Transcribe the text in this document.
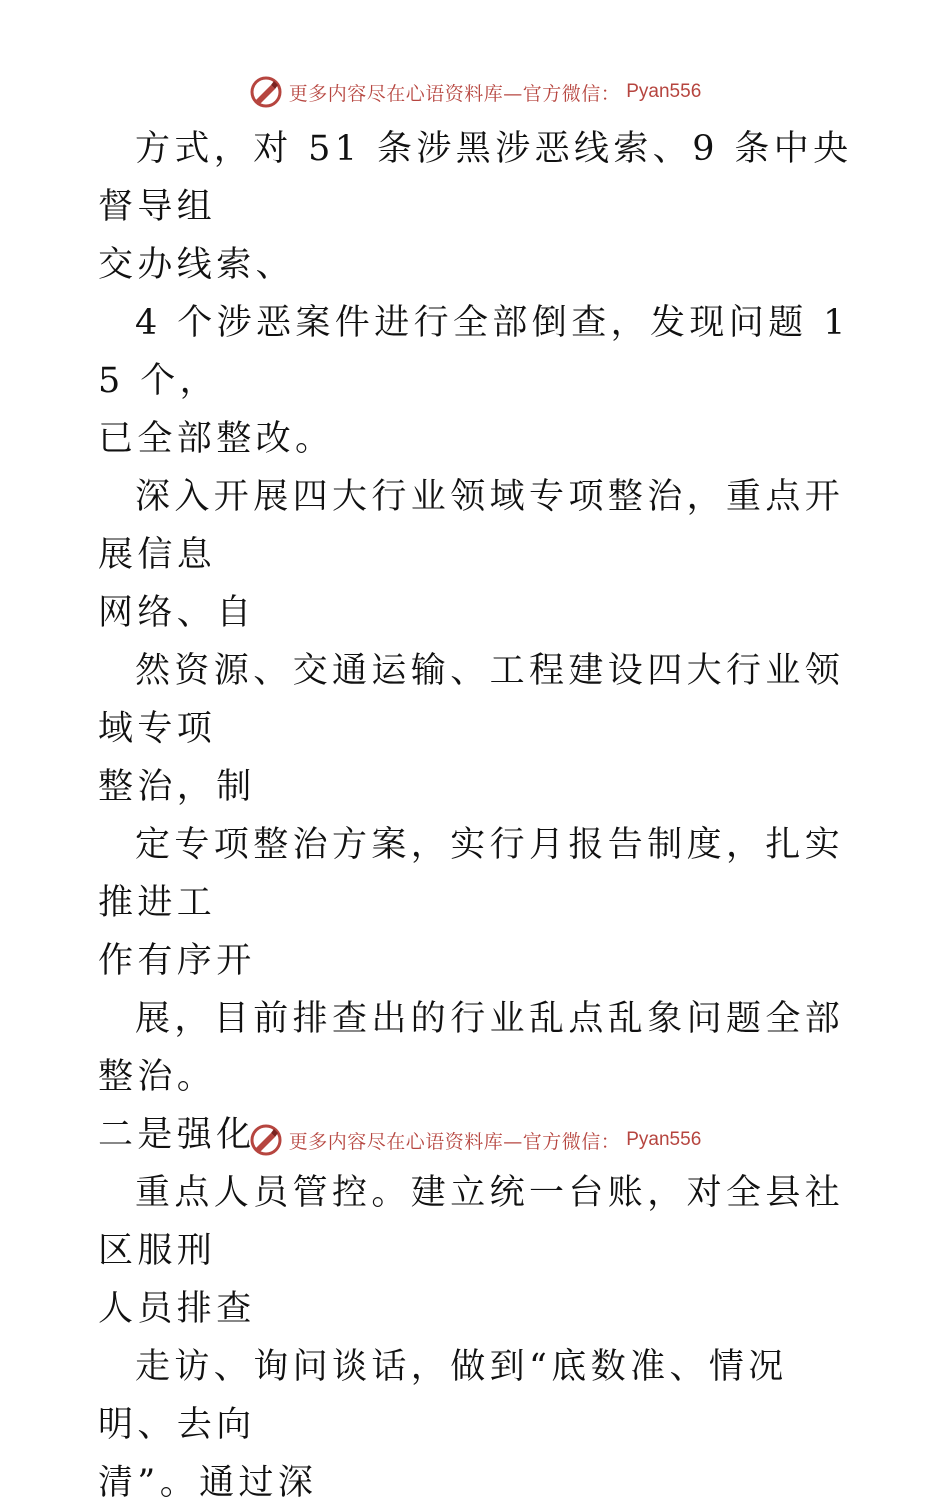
更多内容尽在心语资料库—官方微信： Pyan556

方式，对 51 条涉黑涉恶线索、9 条中央督导组
交办线索、

4 个涉恶案件进行全部倒查，发现问题 15 个，
已全部整改。

深入开展四大行业领域专项整治，重点开展信息
网络、自

然资源、交通运输、工程建设四大行业领域专项
整治，制

定专项整治方案，实行月报告制度，扎实推进工
作有序开

展，目前排查出的行业乱点乱象问题全部整治。
二是强化

重点人员管控。建立统一台账，对全县社区服刑
人员排查

走访、询问谈话，做到“底数准、情况明、去向
清”。通过深

更多内容尽在心语资料库—官方微信： Pyan556
